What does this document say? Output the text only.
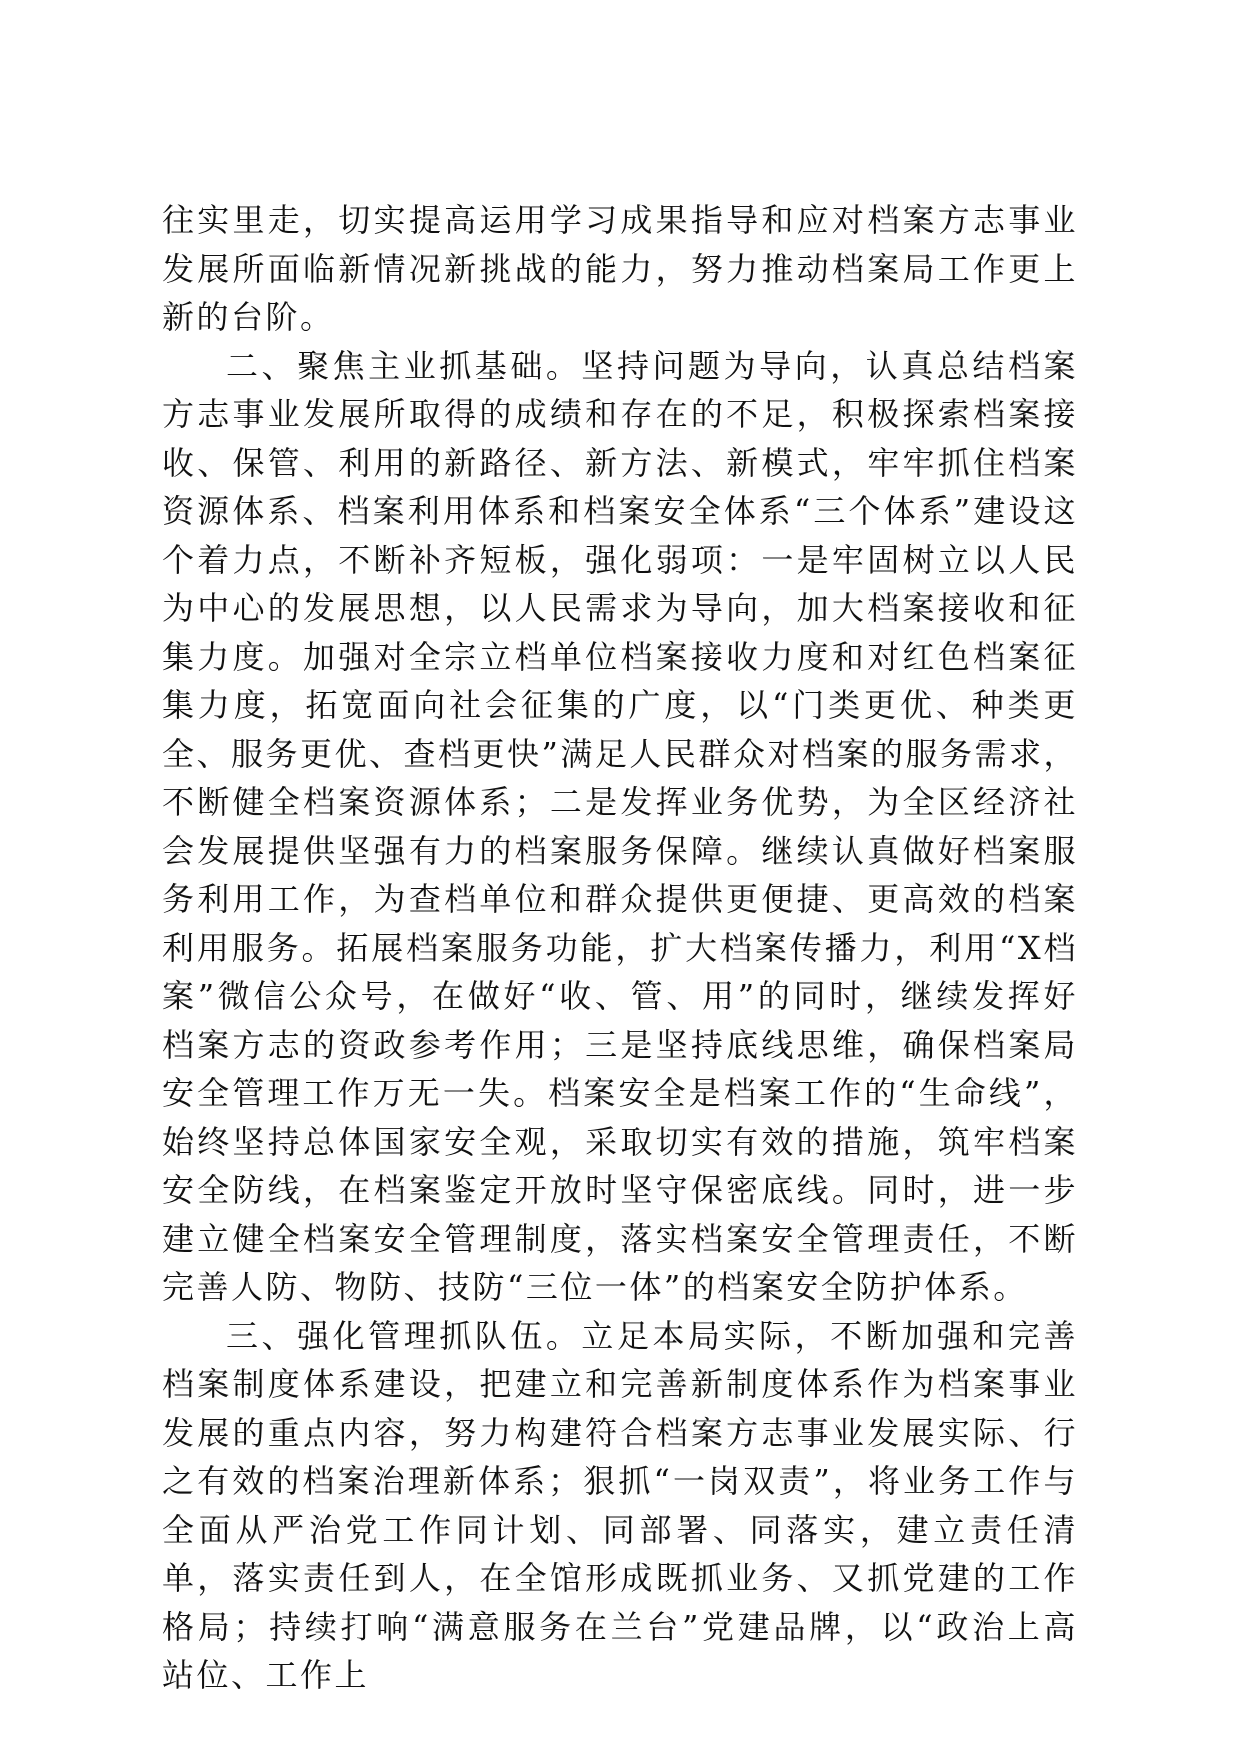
往实里走，切实提高运用学习成果指导和应对档案方志事业发展所面临新情况新挑战的能力，努力推动档案局工作更上新的台阶。

二、聚焦主业抓基础。坚持问题为导向，认真总结档案方志事业发展所取得的成绩和存在的不足，积极探索档案接收、保管、利用的新路径、新方法、新模式，牢牢抓住档案资源体系、档案利用体系和档案安全体系“三个体系”建设这个着力点，不断补齐短板，强化弱项：一是牢固树立以人民为中心的发展思想，以人民需求为导向，加大档案接收和征集力度。加强对全宗立档单位档案接收力度和对红色档案征集力度，拓宽面向社会征集的广度，以“门类更优、种类更全、服务更优、查档更快”满足人民群众对档案的服务需求，不断健全档案资源体系；二是发挥业务优势，为全区经济社会发展提供坚强有力的档案服务保障。继续认真做好档案服务利用工作，为查档单位和群众提供更便捷、更高效的档案利用服务。拓展档案服务功能，扩大档案传播力，利用“X档案”微信公众号，在做好“收、管、用”的同时，继续发挥好档案方志的资政参考作用；三是坚持底线思维，确保档案局安全管理工作万无一失。档案安全是档案工作的“生命线”，始终坚持总体国家安全观，采取切实有效的措施，筑牢档案安全防线，在档案鉴定开放时坚守保密底线。同时，进一步建立健全档案安全管理制度，落实档案安全管理责任，不断完善人防、物防、技防“三位一体”的档案安全防护体系。

三、强化管理抓队伍。立足本局实际，不断加强和完善档案制度体系建设，把建立和完善新制度体系作为档案事业发展的重点内容，努力构建符合档案方志事业发展实际、行之有效的档案治理新体系；狠抓“一岗双责”，将业务工作与全面从严治党工作同计划、同部署、同落实，建立责任清单，落实责任到人，在全馆形成既抓业务、又抓党建的工作格局；持续打响“满意服务在兰台”党建品牌，以“政治上高站位、工作上
